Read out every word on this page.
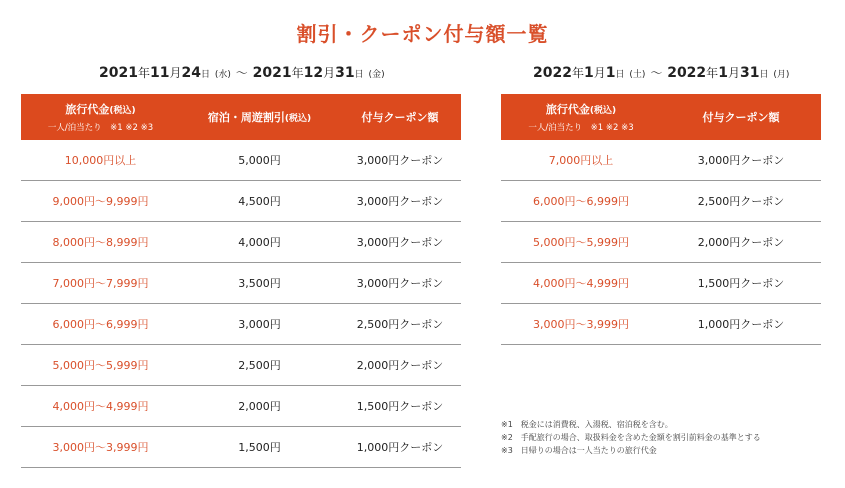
割引・クーポン付与額一覧
2021年11月24日 (水) ～ 2021年12月31日 (金)	2022年1月1日 (土) ～ 2022年1月31日 (月)
旅行代金(税込)
一人/泊当たり　※1 ※2 ※3	宿泊・周遊割引(税込)	付与クーポン額
10,000円以上	5,000円	3,000円クーポン
9,000円～9,999円	4,500円	3,000円クーポン
8,000円～8,999円	4,000円	3,000円クーポン
7,000円～7,999円	3,500円	3,000円クーポン
6,000円～6,999円	3,000円	2,500円クーポン
5,000円～5,999円	2,500円	2,000円クーポン
4,000円～4,999円	2,000円	1,500円クーポン
3,000円～3,999円	1,500円	1,000円クーポン
旅行代金(税込)
一人/泊当たり　※1 ※2 ※3	付与クーポン額
7,000円以上	3,000円クーポン
6,000円～6,999円	2,500円クーポン
5,000円～5,999円	2,000円クーポン
4,000円～4,999円	1,500円クーポン
3,000円～3,999円	1,000円クーポン
※1　税金には消費税、入湯税、宿泊税を含む。
※2　手配旅行の場合、取扱料金を含めた金額を割引前料金の基準とする
※3　日帰りの場合は一人当たりの旅行代金
